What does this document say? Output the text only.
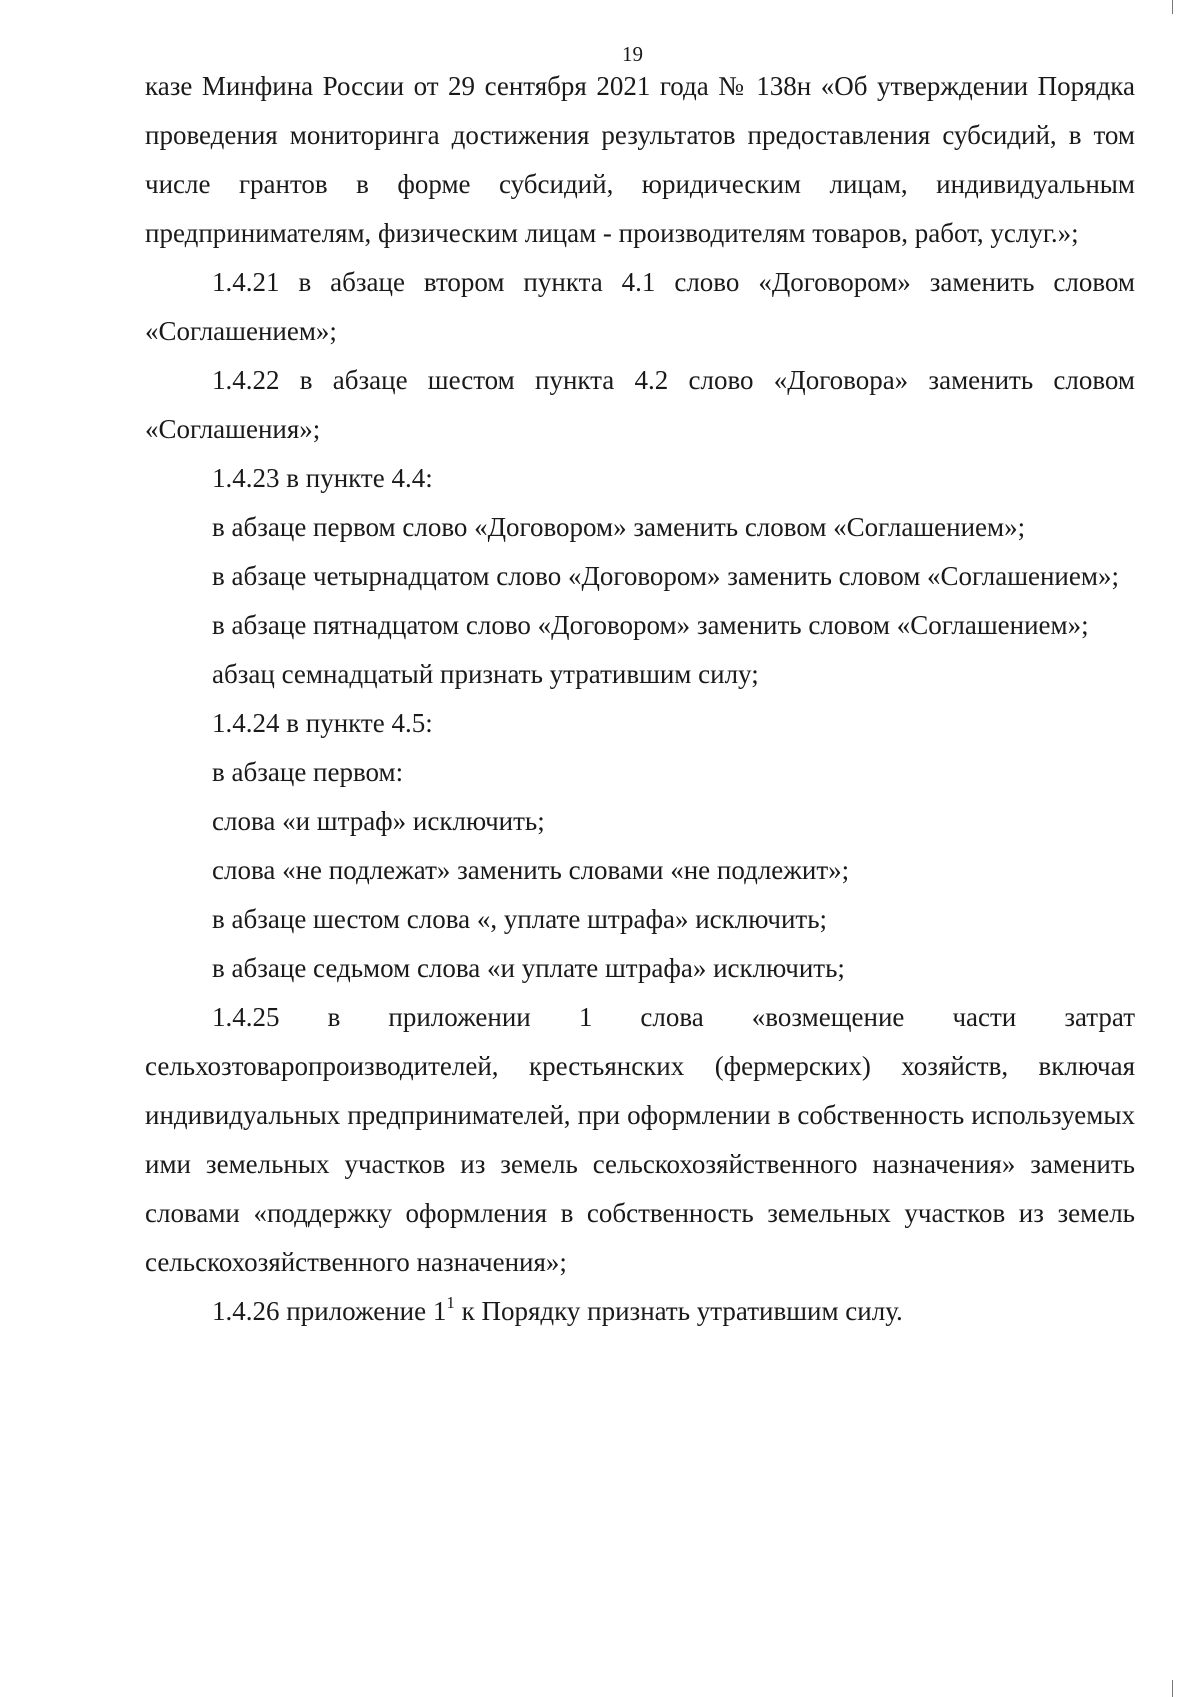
19

казе Минфина России от 29 сентября 2021 года № 138н «Об утверждении Порядка проведения мониторинга достижения результатов предоставления субсидий, в том числе грантов в форме субсидий, юридическим лицам, индивидуальным предпринимателям, физическим лицам - производителям товаров, работ, услуг.»;

1.4.21 в абзаце втором пункта 4.1 слово «Договором» заменить словом «Соглашением»;

1.4.22 в абзаце шестом пункта 4.2 слово «Договора» заменить словом «Соглашения»;

1.4.23 в пункте 4.4:

в абзаце первом слово «Договором» заменить словом «Соглашением»;

в абзаце четырнадцатом слово «Договором» заменить словом «Соглашением»;

в абзаце пятнадцатом слово «Договором» заменить словом «Соглашением»;

абзац семнадцатый признать утратившим силу;

1.4.24 в пункте 4.5:

в абзаце первом:

слова «и штраф» исключить;

слова «не подлежат» заменить словами «не подлежит»;

в абзаце шестом слова «, уплате штрафа» исключить;

в абзаце седьмом слова «и уплате штрафа» исключить;

1.4.25 в приложении 1 слова «возмещение части затрат сельхозтоваропроизводителей, крестьянских (фермерских) хозяйств, включая индивидуальных предпринимателей, при оформлении в собственность используемых ими земельных участков из земель сельскохозяйственного назначения» заменить словами «поддержку оформления в собственность земельных участков из земель сельскохозяйственного назначения»;

1.4.26 приложение $1^1$ к Порядку признать утратившим силу.
